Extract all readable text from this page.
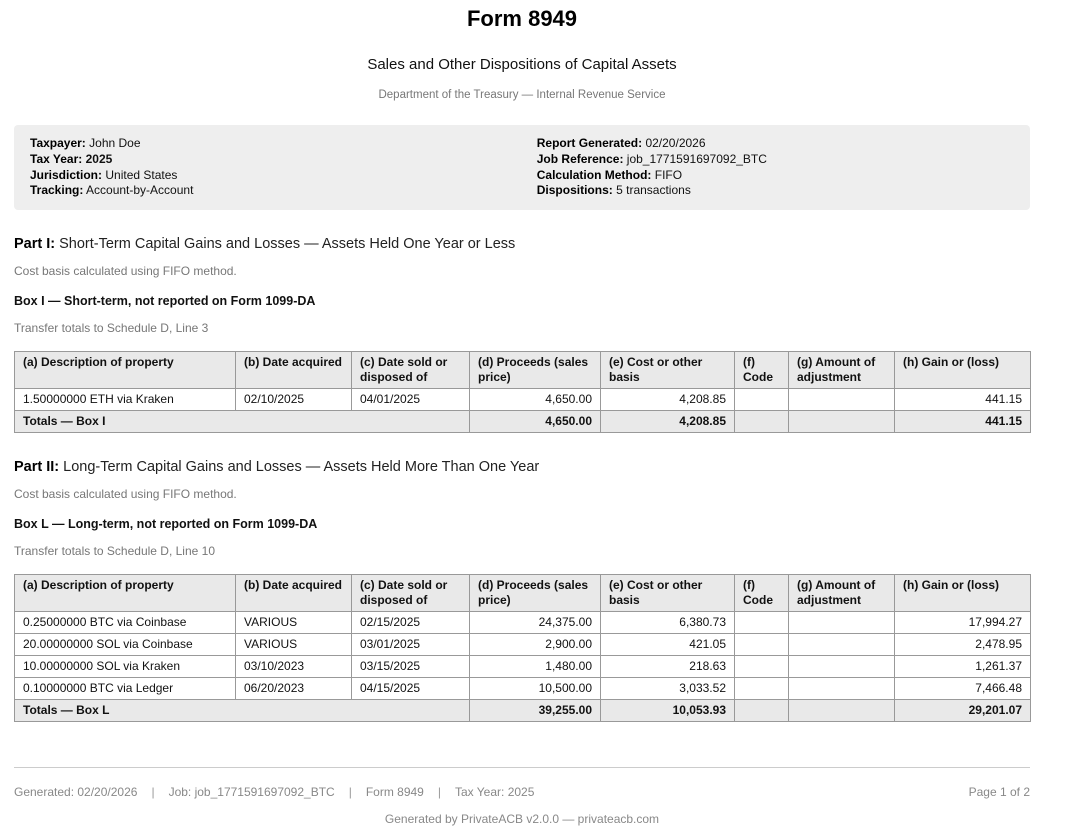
Form 8949
Sales and Other Dispositions of Capital Assets
Department of the Treasury — Internal Revenue Service
Taxpayer: John Doe
Tax Year: 2025
Jurisdiction: United States
Tracking: Account-by-Account
Report Generated: 02/20/2026
Job Reference: job_1771591697092_BTC
Calculation Method: FIFO
Dispositions: 5 transactions
Part I: Short-Term Capital Gains and Losses — Assets Held One Year or Less

Cost basis calculated using FIFO method.

Box I — Short-term, not reported on Form 1099-DA

Transfer totals to Schedule D, Line 3

(a) Description of property	(b) Date acquired	(c) Date sold or disposed of	(d) Proceeds (sales price)	(e) Cost or other basis	(f) Code	(g) Amount of adjustment	(h) Gain or (loss)
1.50000000 ETH via Kraken	02/10/2025	04/01/2025	4,650.00	4,208.85			441.15
Totals — Box I			4,650.00	4,208.85			441.15
Part II: Long-Term Capital Gains and Losses — Assets Held More Than One Year

Cost basis calculated using FIFO method.

Box L — Long-term, not reported on Form 1099-DA

Transfer totals to Schedule D, Line 10

(a) Description of property	(b) Date acquired	(c) Date sold or disposed of	(d) Proceeds (sales price)	(e) Cost or other basis	(f) Code	(g) Amount of adjustment	(h) Gain or (loss)
0.25000000 BTC via Coinbase	VARIOUS	02/15/2025	24,375.00	6,380.73			17,994.27
20.00000000 SOL via Coinbase	VARIOUS	03/01/2025	2,900.00	421.05			2,478.95
10.00000000 SOL via Kraken	03/10/2023	03/15/2025	1,480.00	218.63			1,261.37
0.10000000 BTC via Ledger	06/20/2023	04/15/2025	10,500.00	3,033.52			7,466.48
Totals — Box L			39,255.00	10,053.93			29,201.07
Generated: 02/20/2026 | Job: job_1771591697092_BTC | Form 8949 | Tax Year: 2025	Page 1 of 2
Generated by PrivateACB v2.0.0 — privateacb.com
